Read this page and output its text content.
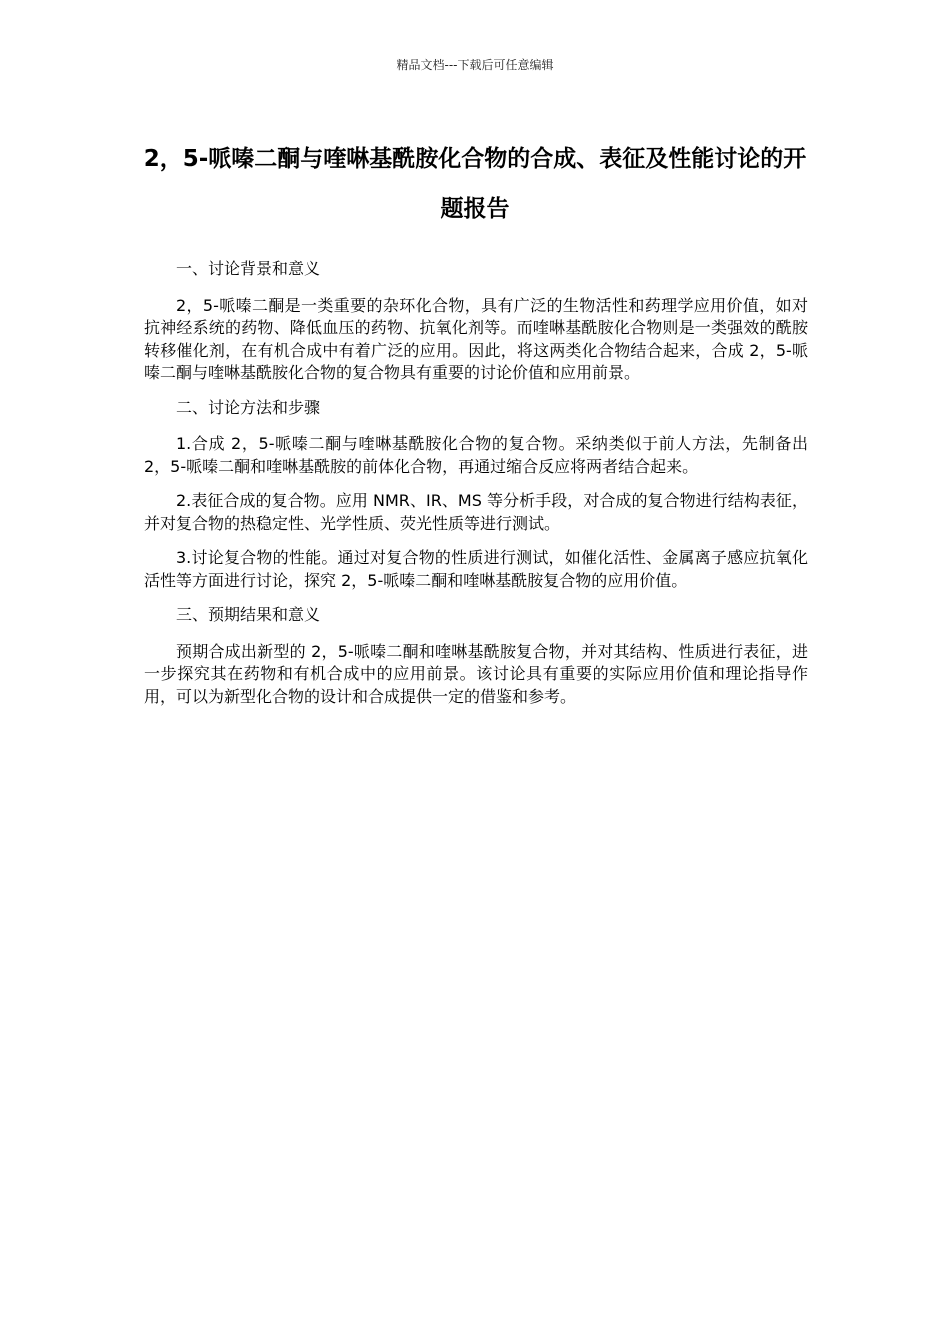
精品文档---下载后可任意编辑
2，5-哌嗪二酮与喹啉基酰胺化合物的合成、表征及性能讨论的开题报告

一、讨论背景和意义

2，5-哌嗪二酮是一类重要的杂环化合物，具有广泛的生物活性和药理学应用价值，如对抗神经系统的药物、降低血压的药物、抗氧化剂等。而喹啉基酰胺化合物则是一类强效的酰胺转移催化剂，在有机合成中有着广泛的应用。因此，将这两类化合物结合起来，合成 2，5-哌嗪二酮与喹啉基酰胺化合物的复合物具有重要的讨论价值和应用前景。

二、讨论方法和步骤

1.合成 2，5-哌嗪二酮与喹啉基酰胺化合物的复合物。采纳类似于前人方法，先制备出 2，5-哌嗪二酮和喹啉基酰胺的前体化合物，再通过缩合反应将两者结合起来。

2.表征合成的复合物。应用 NMR、IR、MS 等分析手段，对合成的复合物进行结构表征，并对复合物的热稳定性、光学性质、荧光性质等进行测试。

3.讨论复合物的性能。通过对复合物的性质进行测试，如催化活性、金属离子感应抗氧化活性等方面进行讨论，探究 2，5-哌嗪二酮和喹啉基酰胺复合物的应用价值。

三、预期结果和意义

预期合成出新型的 2，5-哌嗪二酮和喹啉基酰胺复合物，并对其结构、性质进行表征，进一步探究其在药物和有机合成中的应用前景。该讨论具有重要的实际应用价值和理论指导作用，可以为新型化合物的设计和合成提供一定的借鉴和参考。
